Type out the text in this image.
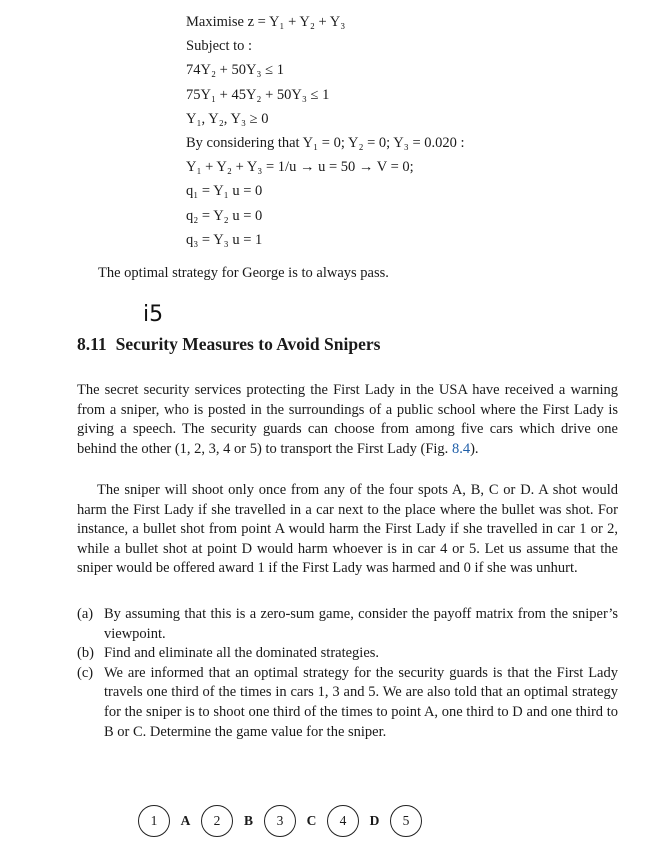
Maximise z = Y₁ + Y₂ + Y₃
Subject to :
74Y₂ + 50Y₃ ≤ 1
75Y₁ + 45Y₂ + 50Y₃ ≤ 1
Y₁, Y₂, Y₃ ≥ 0
By considering that Y₁ = 0; Y₂ = 0; Y₃ = 0.020 :
Y₁ + Y₂ + Y₃ = 1/u → u = 50 → V = 0;
q₁ = Y₁ u = 0
q₂ = Y₂ u = 0
q₃ = Y₃ u = 1

The optimal strategy for George is to always pass.

i5
8.11 Security Measures to Avoid Snipers

The secret security services protecting the First Lady in the USA have received a warning from a sniper, who is posted in the surroundings of a public school where the First Lady is giving a speech. The security guards can choose from among five cars which drive one behind the other (1, 2, 3, 4 or 5) to transport the First Lady (Fig. 8.4).

The sniper will shoot only once from any of the four spots A, B, C or D. A shot would harm the First Lady if she travelled in a car next to the place where the bullet was shot. For instance, a bullet shot from point A would harm the First Lady if she travelled in car 1 or 2, while a bullet shot at point D would harm whoever is in car 4 or 5. Let us assume that the sniper would be offered award 1 if the First Lady was harmed and 0 if she was unhurt.

(a) By assuming that this is a zero-sum game, consider the payoff matrix from the sniper’s viewpoint.
(b) Find and eliminate all the dominated strategies.
(c) We are informed that an optimal strategy for the security guards is that the First Lady travels one third of the times in cars 1, 3 and 5. We are also told that an optimal strategy for the sniper is to shoot one third of the times to point A, one third to D and one third to B or C. Determine the game value for the sniper.
1	A	2	B	3	C	4	D	5
